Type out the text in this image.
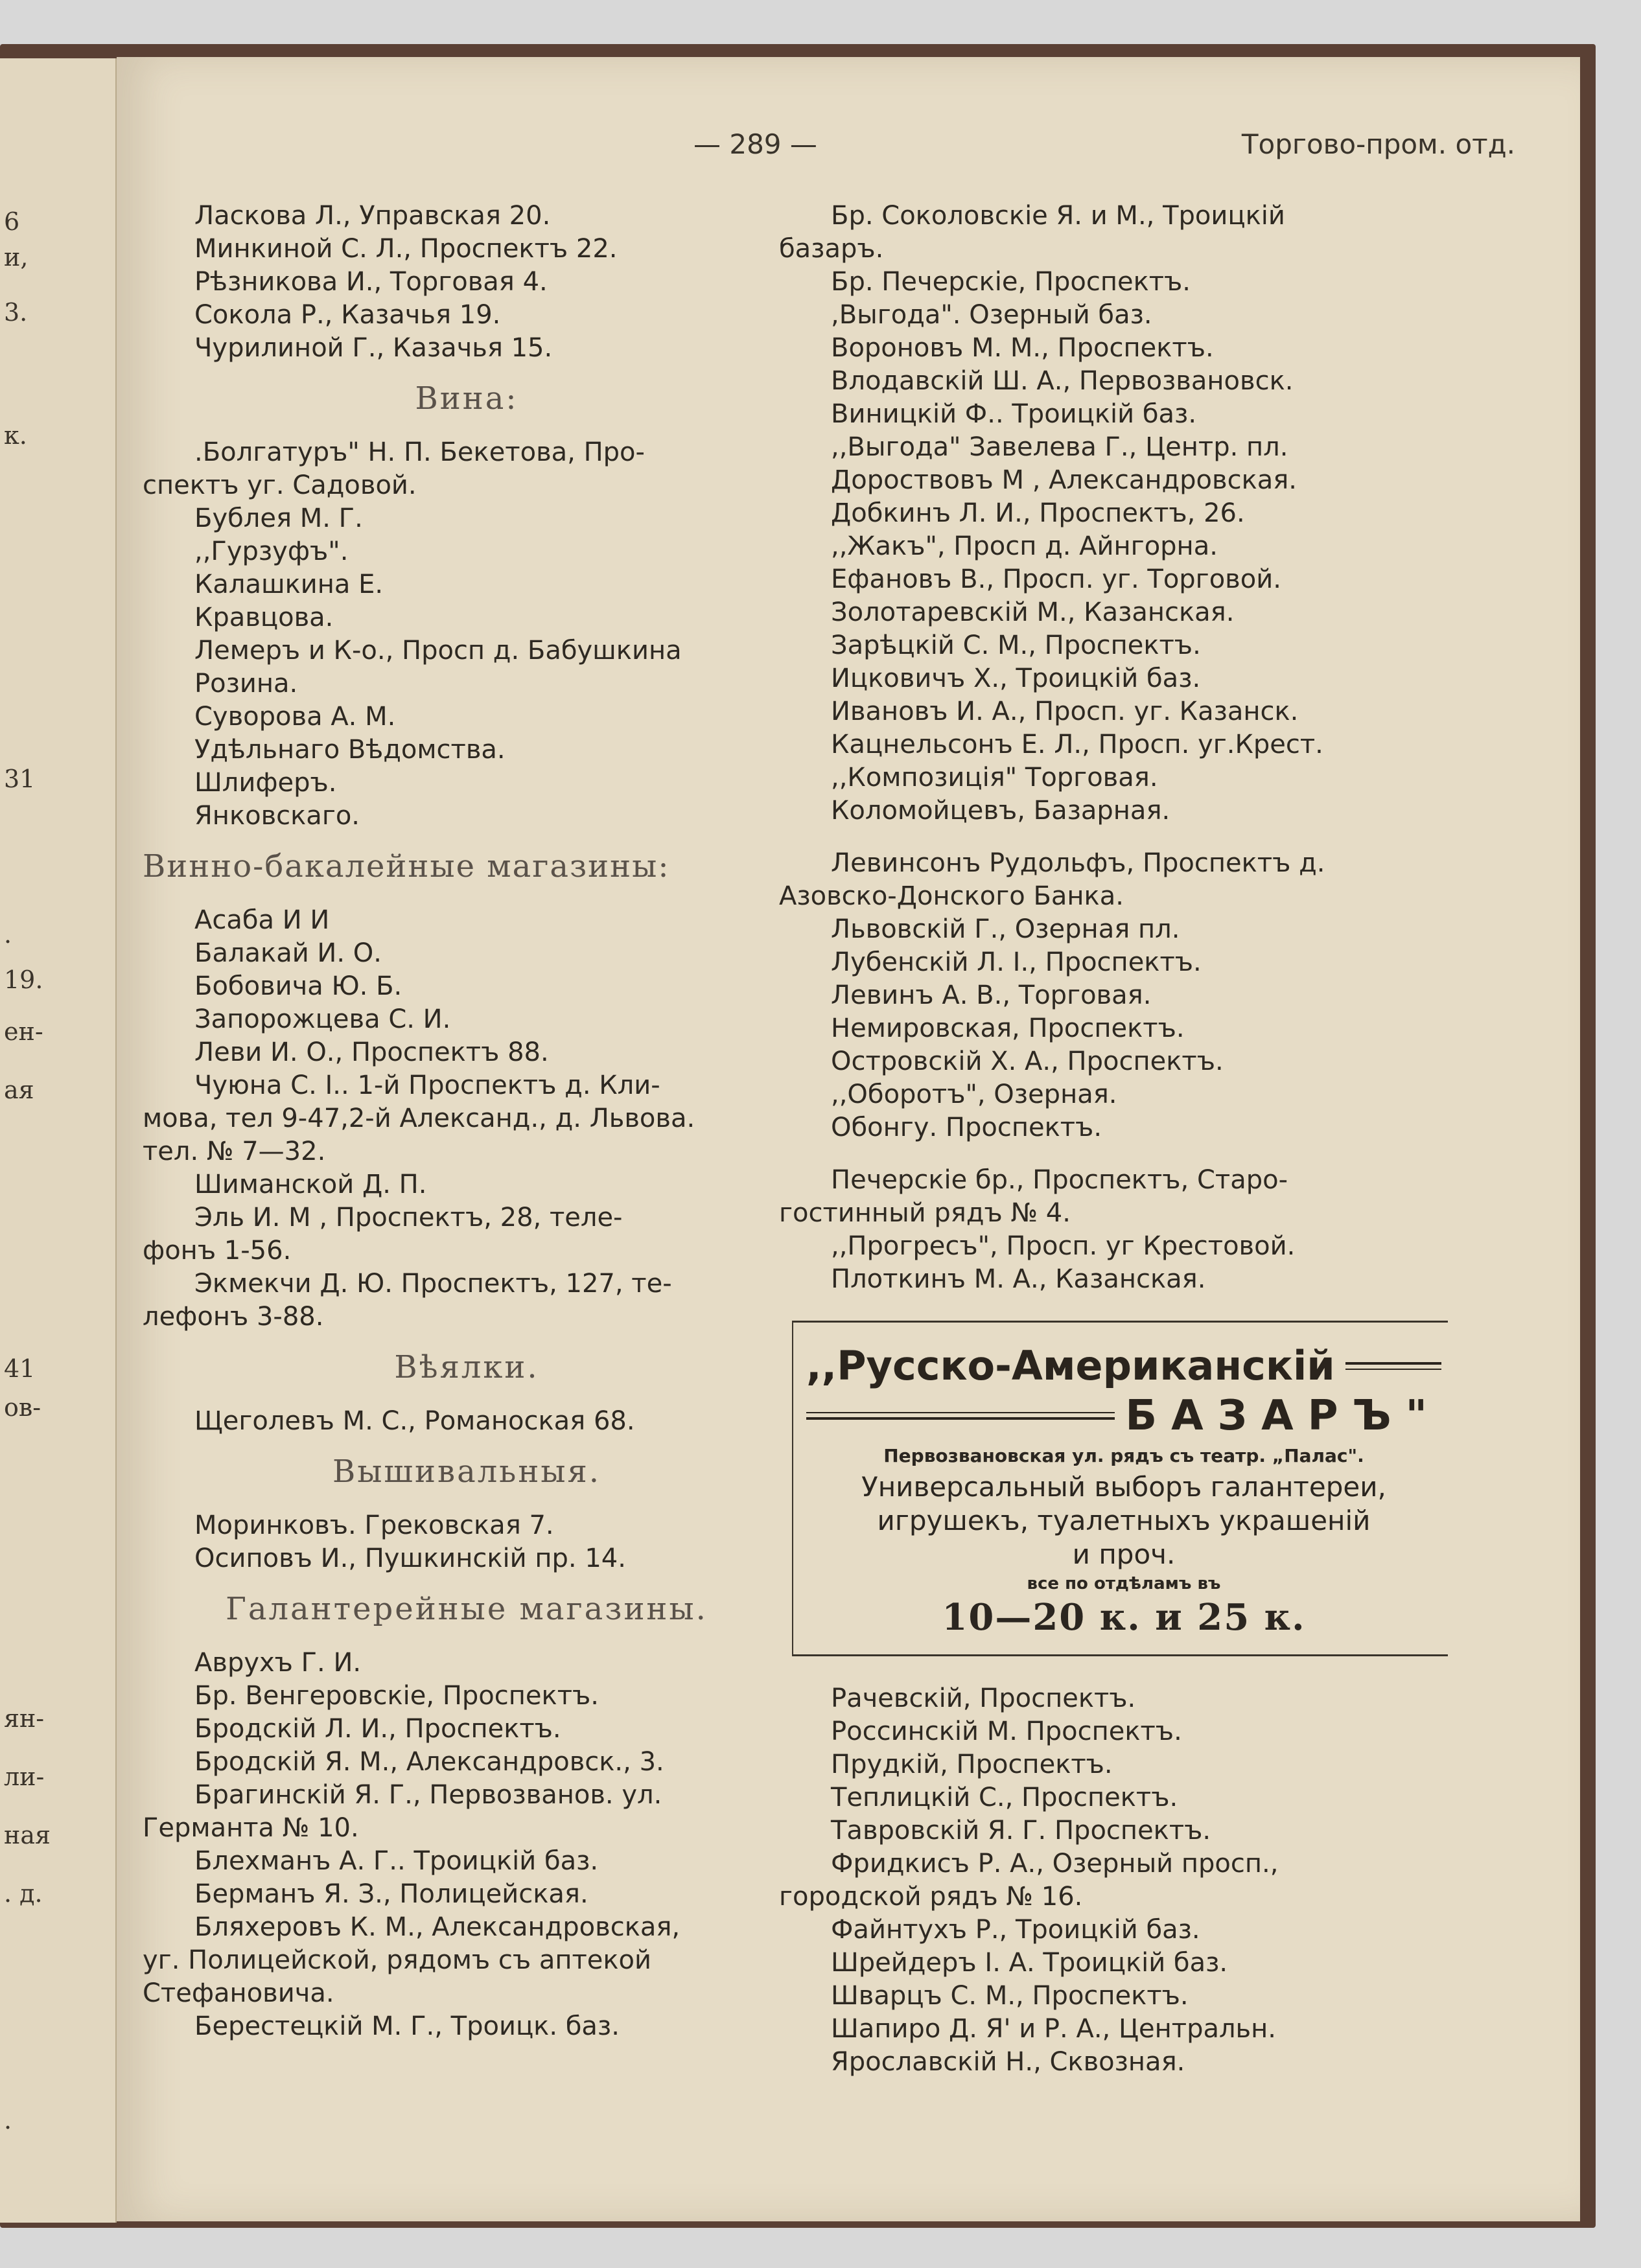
6
и,
3.
к.
31
.
19.
ен-
ая
41
ов-
ян-
ли-
ная
. д.
.
— 289 —	Торгово-пром. отд.
Ласкова Л., Управская 20.
Минкиной С. Л., Проспектъ 22.
Рѣзникова И., Торговая 4.
Сокола Р., Казачья 19.
Чурилиной Г., Казачья 15.
Вина:
.Болгатуръ" Н. П. Бекетова, Про-
спектъ уг. Садовой.
Бублея М. Г.
,,Гурзуфъ".
Калашкина Е.
Кравцова.
Лемеръ и К-о., Просп д. Бабушкина
Розина.
Суворова А. М.
Удѣльнаго Вѣдомства.
Шлиферъ.
Янковскаго.
Винно-бакалейные магазины:
Асаба И И
Балакай И. О.
Бобовича Ю. Б.
Запорожцева С. И.
Леви И. О., Проспектъ 88.
Чуюна С. I.. 1-й Проспектъ д. Кли-
мова, тел 9-47,2-й Александ., д. Львова.
тел. № 7—32.
Шиманской Д. П.
Эль И. М , Проспектъ, 28, теле-
фонъ 1-56.
Экмекчи Д. Ю. Проспектъ, 127, те-
лефонъ 3-88.
Вѣялки.
Щеголевъ М. С., Романоская 68.
Вышивальныя.
Моринковъ. Грековская 7.
Осиповъ И., Пушкинскій пр. 14.
Галантерейные магазины.
Аврухъ Г. И.
Бр. Венгеровскіе, Проспектъ.
Бродскій Л. И., Проспектъ.
Бродскій Я. М., Александровск., 3.
Брагинскій Я. Г., Первозванов. ул.
Германта № 10.
Блехманъ А. Г.. Троицкій баз.
Берманъ Я. З., Полицейская.
Бляхеровъ К. М., Александровская,
уг. Полицейской, рядомъ съ аптекой
Стефановича.
Берестецкій М. Г., Троицк. баз.
Бр. Соколовскіе Я. и М., Троицкій
базаръ.
Бр. Печерскіе, Проспектъ.
,Выгода". Озерный баз.
Вороновъ М. М., Проспектъ.
Влодавскій Ш. А., Первозвановск.
Виницкій Ф.. Троицкій баз.
,,Выгода" Завелева Г., Центр. пл.
Дороствовъ М , Александровская.
Добкинъ Л. И., Проспектъ, 26.
,,Жакъ", Просп д. Айнгорна.
Ефановъ В., Просп. уг. Торговой.
Золотаревскій М., Казанская.
Зарѣцкій С. М., Проспектъ.
Ицковичъ Х., Троицкій баз.
Ивановъ И. А., Просп. уг. Казанск.
Кацнельсонъ Е. Л., Просп. уг.Крест.
,,Композиція" Торговая.
Коломойцевъ, Базарная.
Левинсонъ Рудольфъ, Проспектъ д.
Азовско-Донского Банка.
Львовскій Г., Озерная пл.
Лубенскій Л. I., Проспектъ.
Левинъ А. В., Торговая.
Немировская, Проспектъ.
Островскій Х. А., Проспектъ.
,,Оборотъ", Озерная.
Обонгу. Проспектъ.
Печерскіе бр., Проспектъ, Старо-
гостинный рядъ № 4.
,,Прогресъ", Просп. уг Крестовой.
Плоткинъ М. А., Казанская.
,,Русско-Американскій
БАЗАРЪ"
Первозвановская ул. рядъ съ театр. „Палас".
Универсальный выборъ галантереи,
игрушекъ, туалетныхъ украшеній
и проч.
все по отдѣламъ въ
10—20 к. и 25 к.
Рачевскій, Проспектъ.
Россинскій М. Проспектъ.
Прудкій, Проспектъ.
Теплицкій С., Проспектъ.
Тавровскій Я. Г. Проспектъ.
Фридкисъ Р. А., Озерный просп.,
городской рядъ № 16.
Файнтухъ Р., Троицкій баз.
Шрейдеръ I. А. Троицкій баз.
Шварцъ С. М., Проспектъ.
Шапиро Д. Я' и Р. А., Центральн.
Ярославскій Н., Сквозная.
